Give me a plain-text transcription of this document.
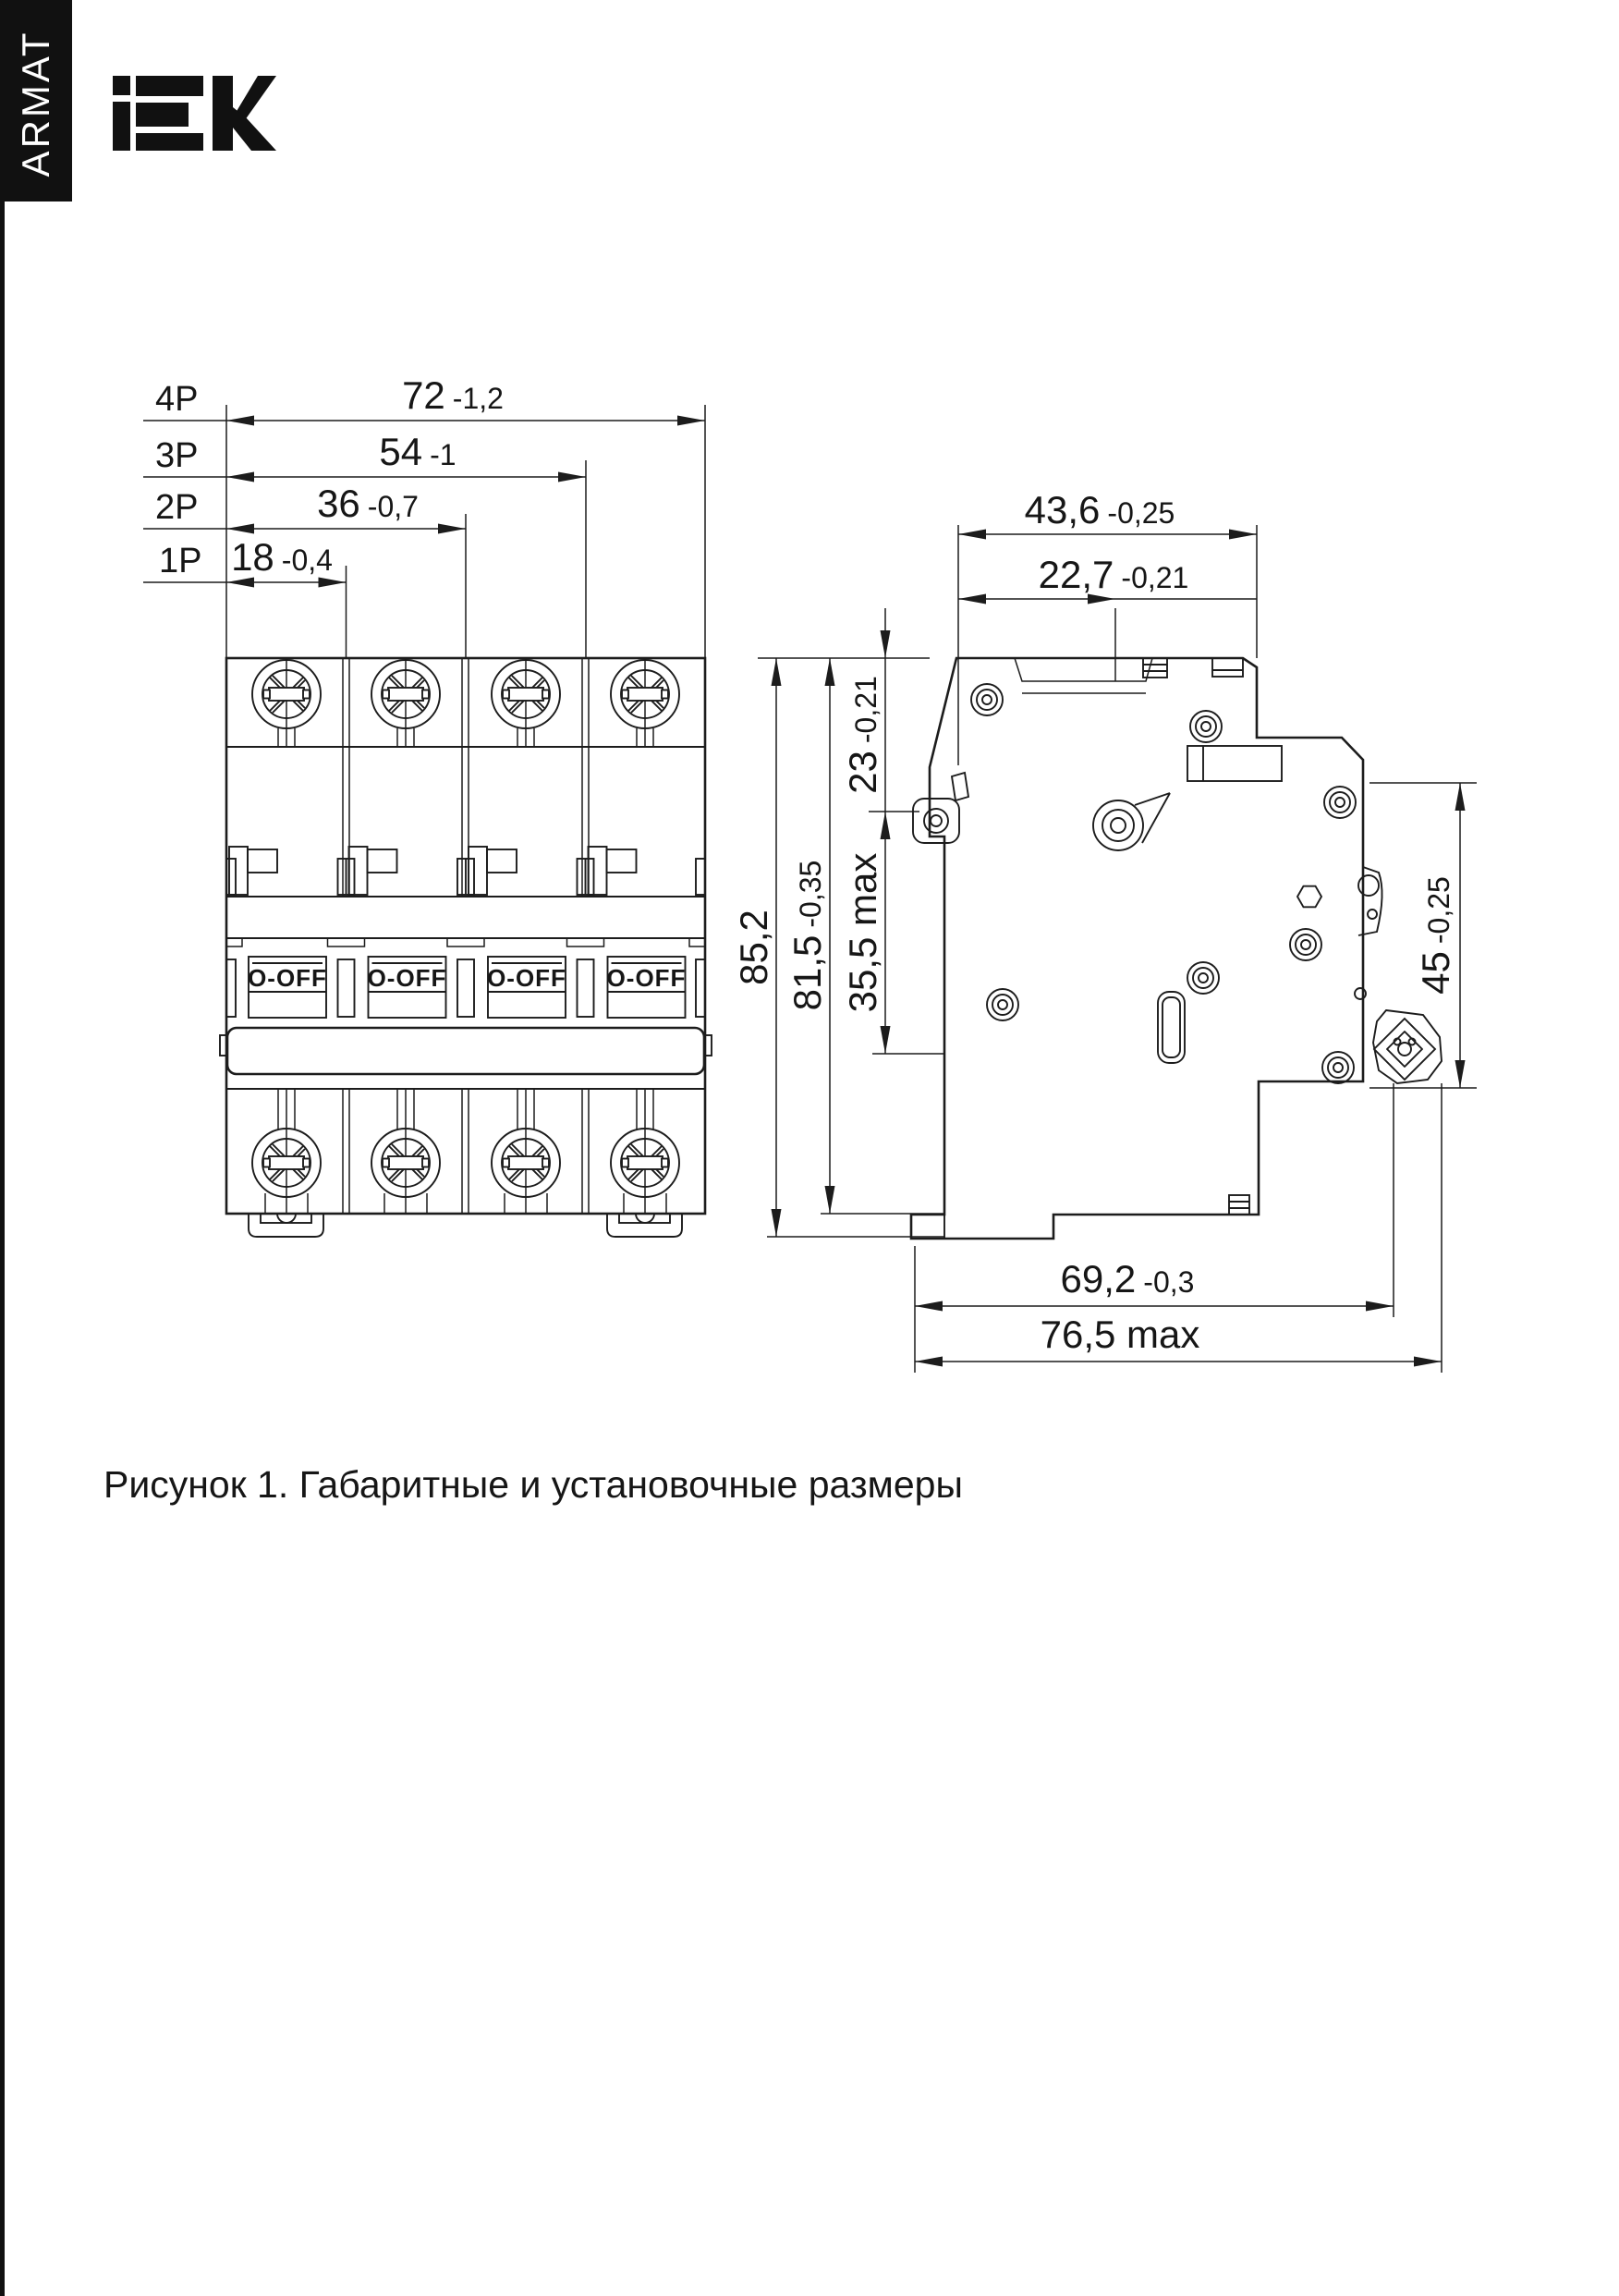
ARMAT
4P	72 -1,2
3P	54 -1
2P	36 -0,7
1P 18 -0,4
O-OFF O-OFF O-OFF O-OFF
43,6 -0,25
22,7 -0,21
85,2 81,5-0,35
23-0,21
35,5 max	45-0,25
69,2 -0,3
76,5 max
Рисунок 1. Габаритные и установочные размеры
